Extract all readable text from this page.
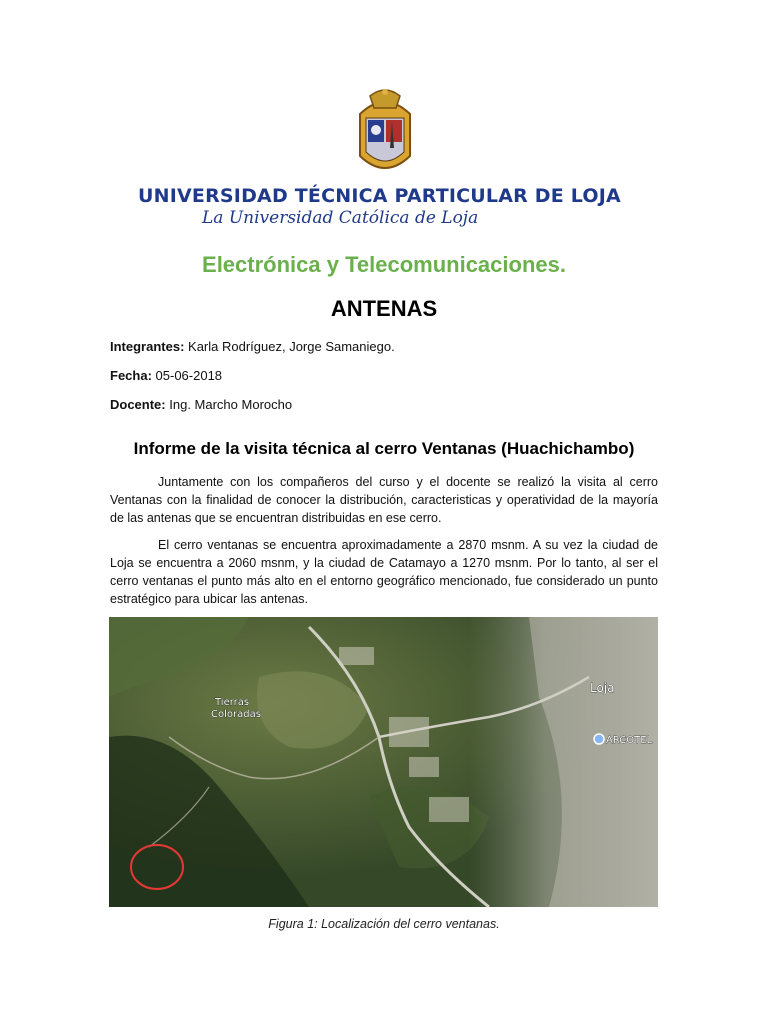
UNIVERSIDAD TÉCNICA PARTICULAR DE LOJA
La Universidad Católica de Loja
Electrónica y Telecomunicaciones.
ANTENAS
Integrantes: Karla Rodríguez, Jorge Samaniego.
Fecha: 05-06-2018
Docente: Ing. Marcho Morocho
Informe de la visita técnica al cerro Ventanas (Huachichambo)

Juntamente con los compañeros del curso y el docente se realizó la visita al cerro Ventanas con la finalidad de conocer la distribución, caracteristicas y operatividad de la mayoría de las antenas que se encuentran distribuidas en ese cerro.

El cerro ventanas se encuentra aproximadamente a 2870 msnm. A su vez la ciudad de Loja se encuentra a 2060 msnm, y la ciudad de Catamayo a 1270 msnm. Por lo tanto, al ser el cerro ventanas el punto más alto en el entorno geográfico mencionado, fue considerado un punto estratégico para ubicar las antenas.

Tierras
Coloradas
Loja
ARCOTEL
Figura 1: Localización del cerro ventanas.
